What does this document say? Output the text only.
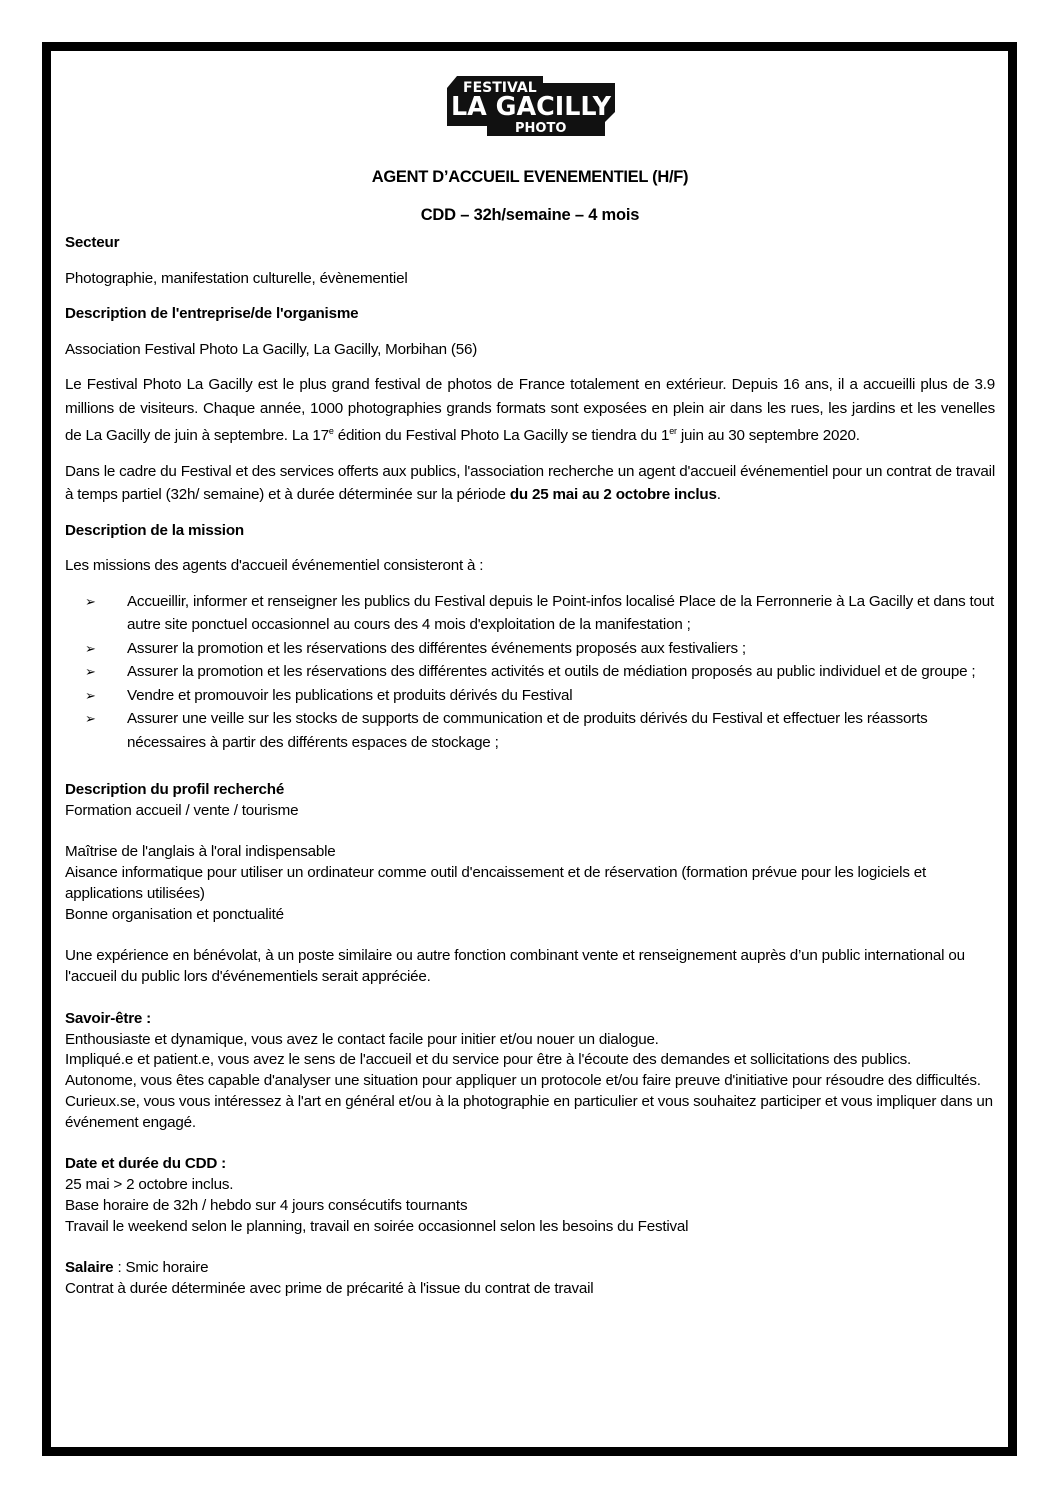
FESTIVAL
LA GACILLY
PHOTO

AGENT D’ACCUEIL EVENEMENTIEL (H/F)

CDD – 32h/semaine – 4 mois

Secteur

Photographie, manifestation culturelle, évènementiel

Description de l'entreprise/de l'organisme

Association Festival Photo La Gacilly, La Gacilly, Morbihan (56)

Le Festival Photo La Gacilly est le plus grand festival de photos de France totalement en extérieur. Depuis 16 ans, il a accueilli plus de 3.9 millions de visiteurs. Chaque année, 1000 photographies grands formats sont exposées en plein air dans les rues, les jardins et les venelles de La Gacilly de juin à septembre. La 17e édition du Festival Photo La Gacilly se tiendra du 1er juin au 30 septembre 2020.

Dans le cadre du Festival et des services offerts aux publics, l'association recherche un agent d'accueil événementiel pour un contrat de travail à temps partiel (32h/ semaine) et à durée déterminée sur la période du 25 mai au 2 octobre inclus.

Description de la mission

Les missions des agents d'accueil événementiel consisteront à :

➢ Accueillir, informer et renseigner les publics du Festival depuis le Point-infos localisé Place de la Ferronnerie à La Gacilly et dans tout autre site ponctuel occasionnel au cours des 4 mois d'exploitation de la manifestation ;
➢ Assurer la promotion et les réservations des différentes événements proposés aux festivaliers ;
➢ Assurer la promotion et les réservations des différentes activités et outils de médiation proposés au public individuel et de groupe ;
➢ Vendre et promouvoir les publications et produits dérivés du Festival
➢ Assurer une veille sur les stocks de supports de communication et de produits dérivés du Festival et effectuer les réassorts nécessaires à partir des différents espaces de stockage ;

Description du profil recherché

Formation accueil / vente / tourisme

Maîtrise de l'anglais à l'oral indispensable

Aisance informatique pour utiliser un ordinateur comme outil d'encaissement et de réservation (formation prévue pour les logiciels et applications utilisées)

Bonne organisation et ponctualité

Une expérience en bénévolat, à un poste similaire ou autre fonction combinant vente et renseignement auprès d’un public international ou l'accueil du public lors d'événementiels serait appréciée.

Savoir-être :

Enthousiaste et dynamique, vous avez le contact facile pour initier et/ou nouer un dialogue.

Impliqué.e et patient.e, vous avez le sens de l'accueil et du service pour être à l'écoute des demandes et sollicitations des publics.

Autonome, vous êtes capable d'analyser une situation pour appliquer un protocole et/ou faire preuve d'initiative pour résoudre des difficultés.

Curieux.se, vous vous intéressez à l'art en général et/ou à la photographie en particulier et vous souhaitez participer et vous impliquer dans un événement engagé.

Date et durée du CDD :

25 mai > 2 octobre inclus.

Base horaire de 32h / hebdo sur 4 jours consécutifs tournants

Travail le weekend selon le planning, travail en soirée occasionnel selon les besoins du Festival

Salaire : Smic horaire

Contrat à durée déterminée avec prime de précarité à l'issue du contrat de travail
